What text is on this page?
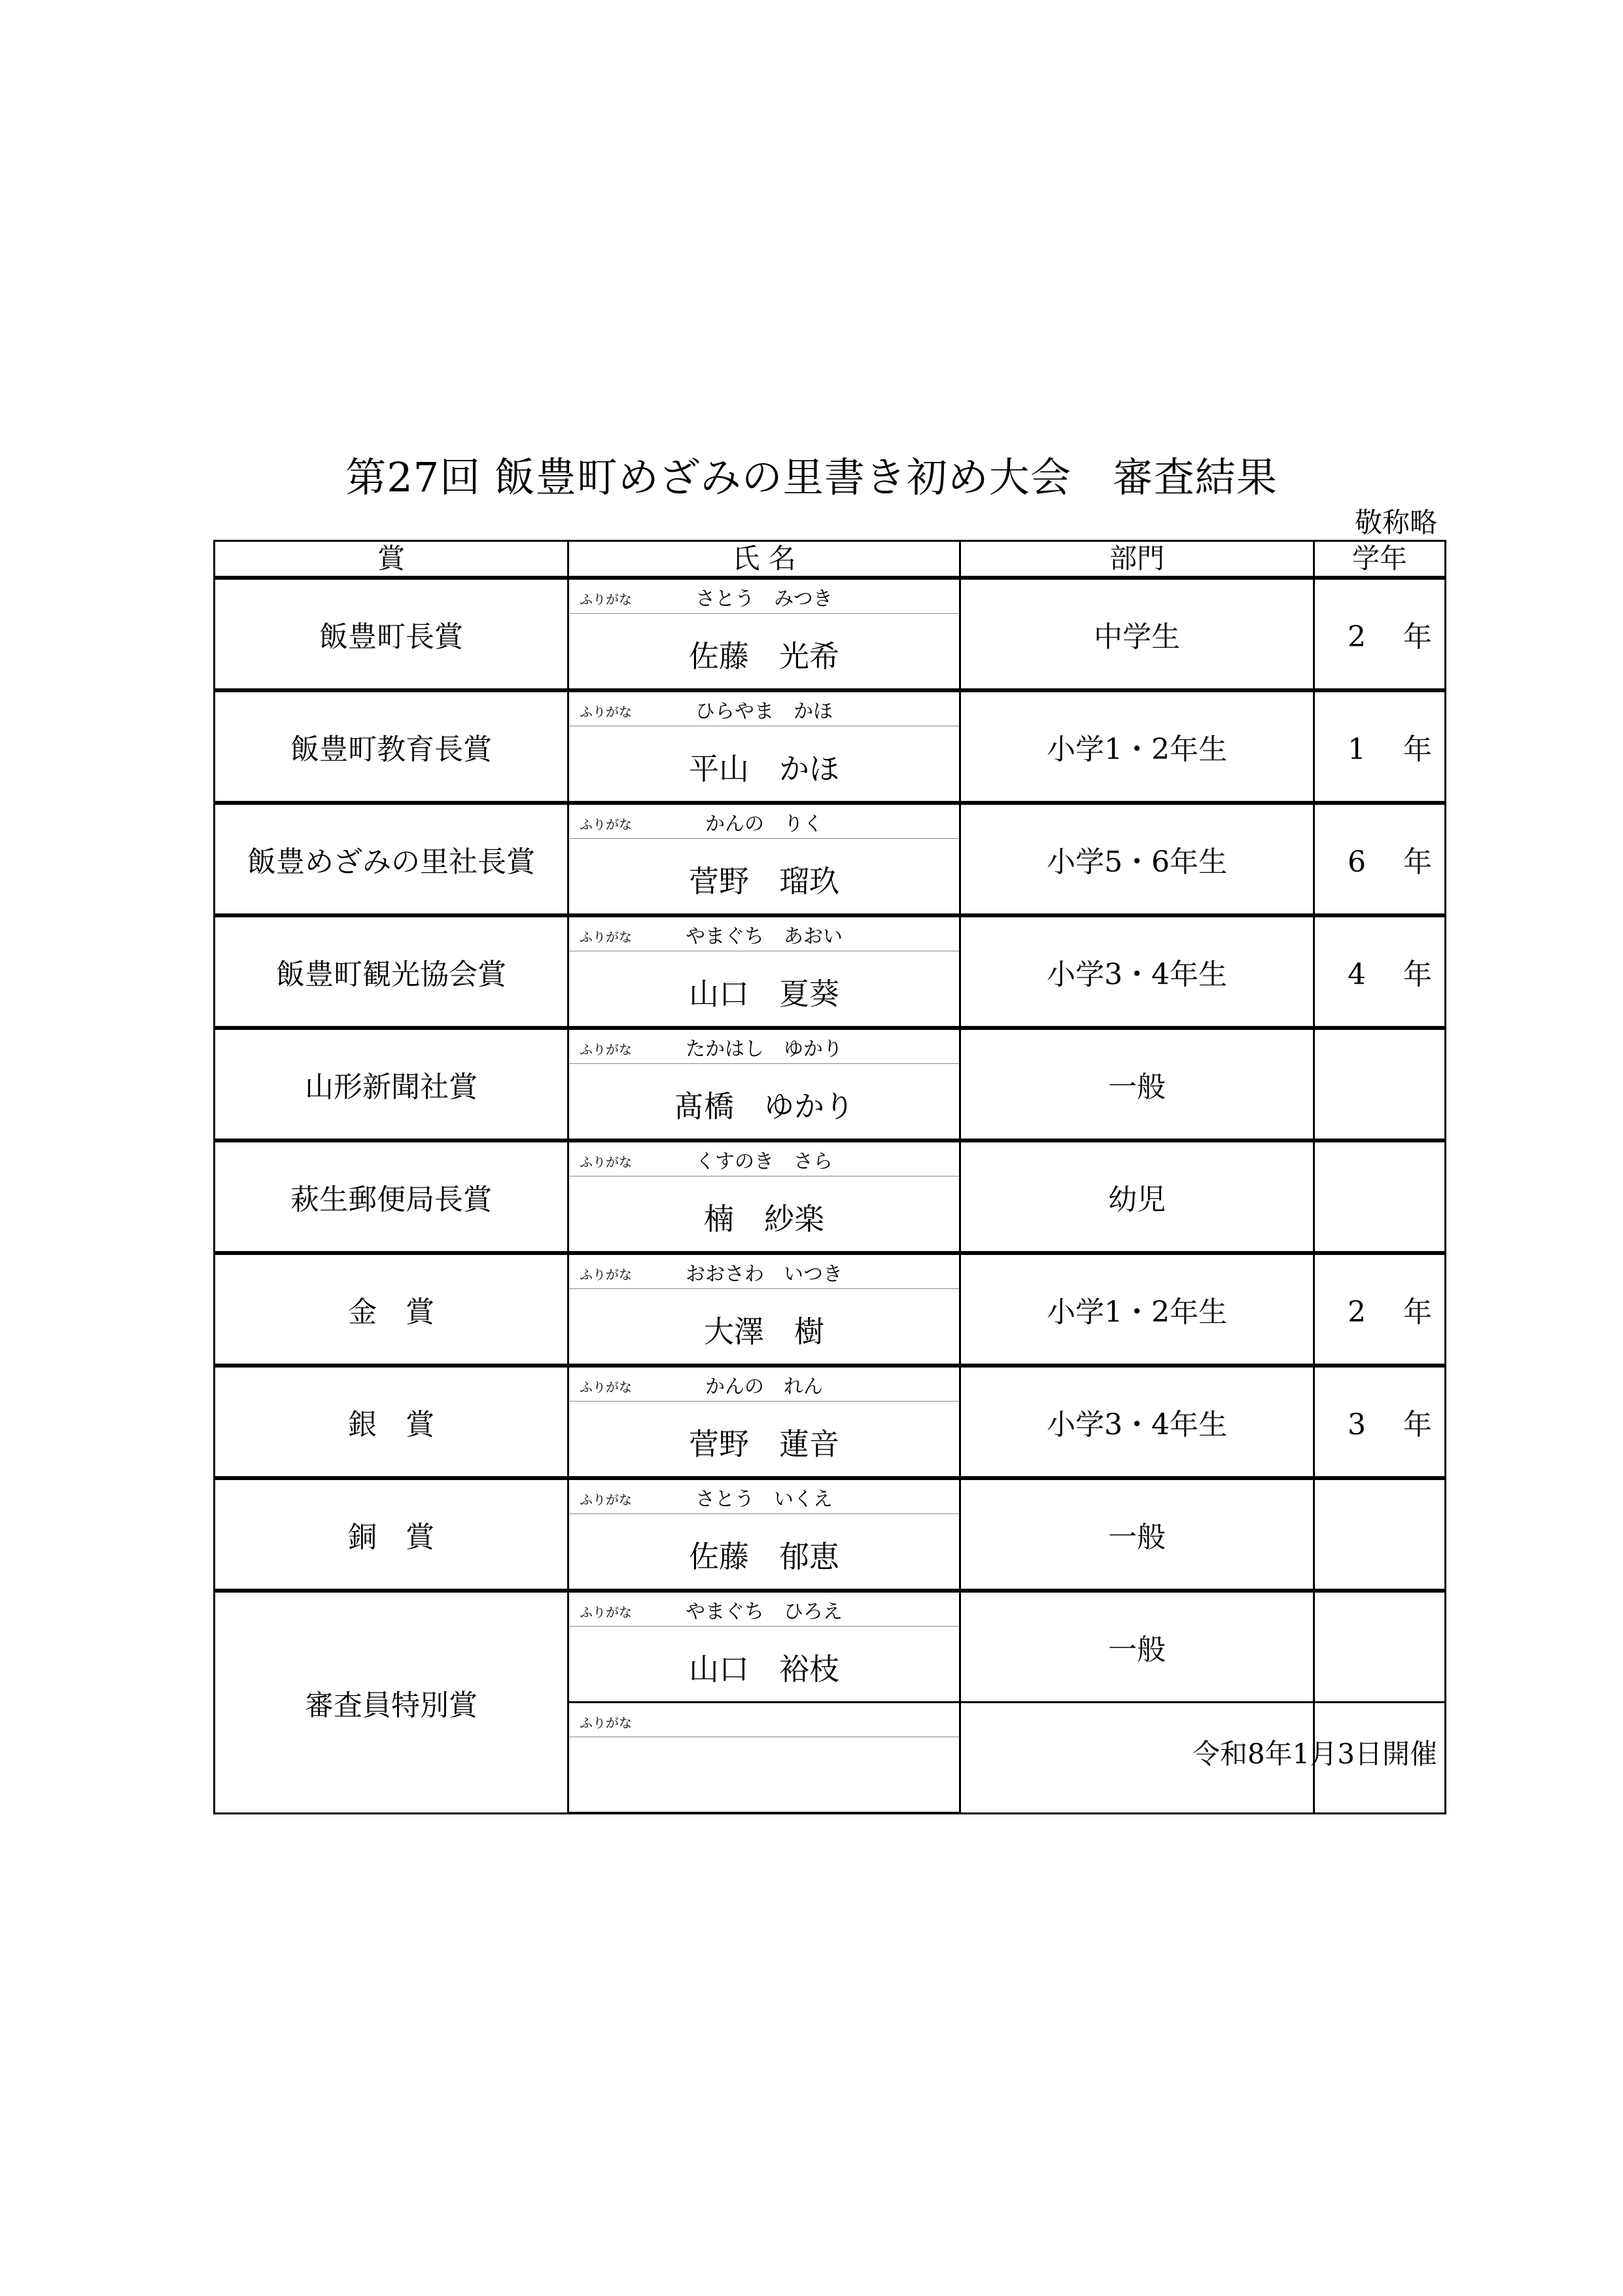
第27回 飯豊町めざみの里書き初め大会　審査結果
敬称略
賞	氏 名	部門	学年
飯豊町長賞	ふりがな さとう　みつき	中学生	2 年
	佐藤　光希		
飯豊町教育長賞	ふりがな ひらやま　かほ	小学1・2年生	1 年
	平山　かほ		
飯豊めざみの里社長賞	ふりがな かんの　りく	小学5・6年生	6 年
	菅野　瑠玖		
飯豊町観光協会賞	ふりがな やまぐち　あおい	小学3・4年生	4 年
	山口　夏葵		
山形新聞社賞	ふりがな たかはし　ゆかり	一般	
	髙橋　ゆかり		
萩生郵便局長賞	ふりがな くすのき　さら	幼児	
	楠　紗楽		
金　賞	ふりがな おおさわ　いつき	小学1・2年生	2 年
	大澤　樹		
銀　賞	ふりがな かんの　れん	小学3・4年生	3 年
	菅野　蓮音		
銅　賞	ふりがな さとう　いくえ	一般	
	佐藤　郁恵		
審査員特別賞	ふりがな やまぐち　ひろえ	一般	
	山口　裕枝		

	ふりがな		

令和8年1月3日開催
